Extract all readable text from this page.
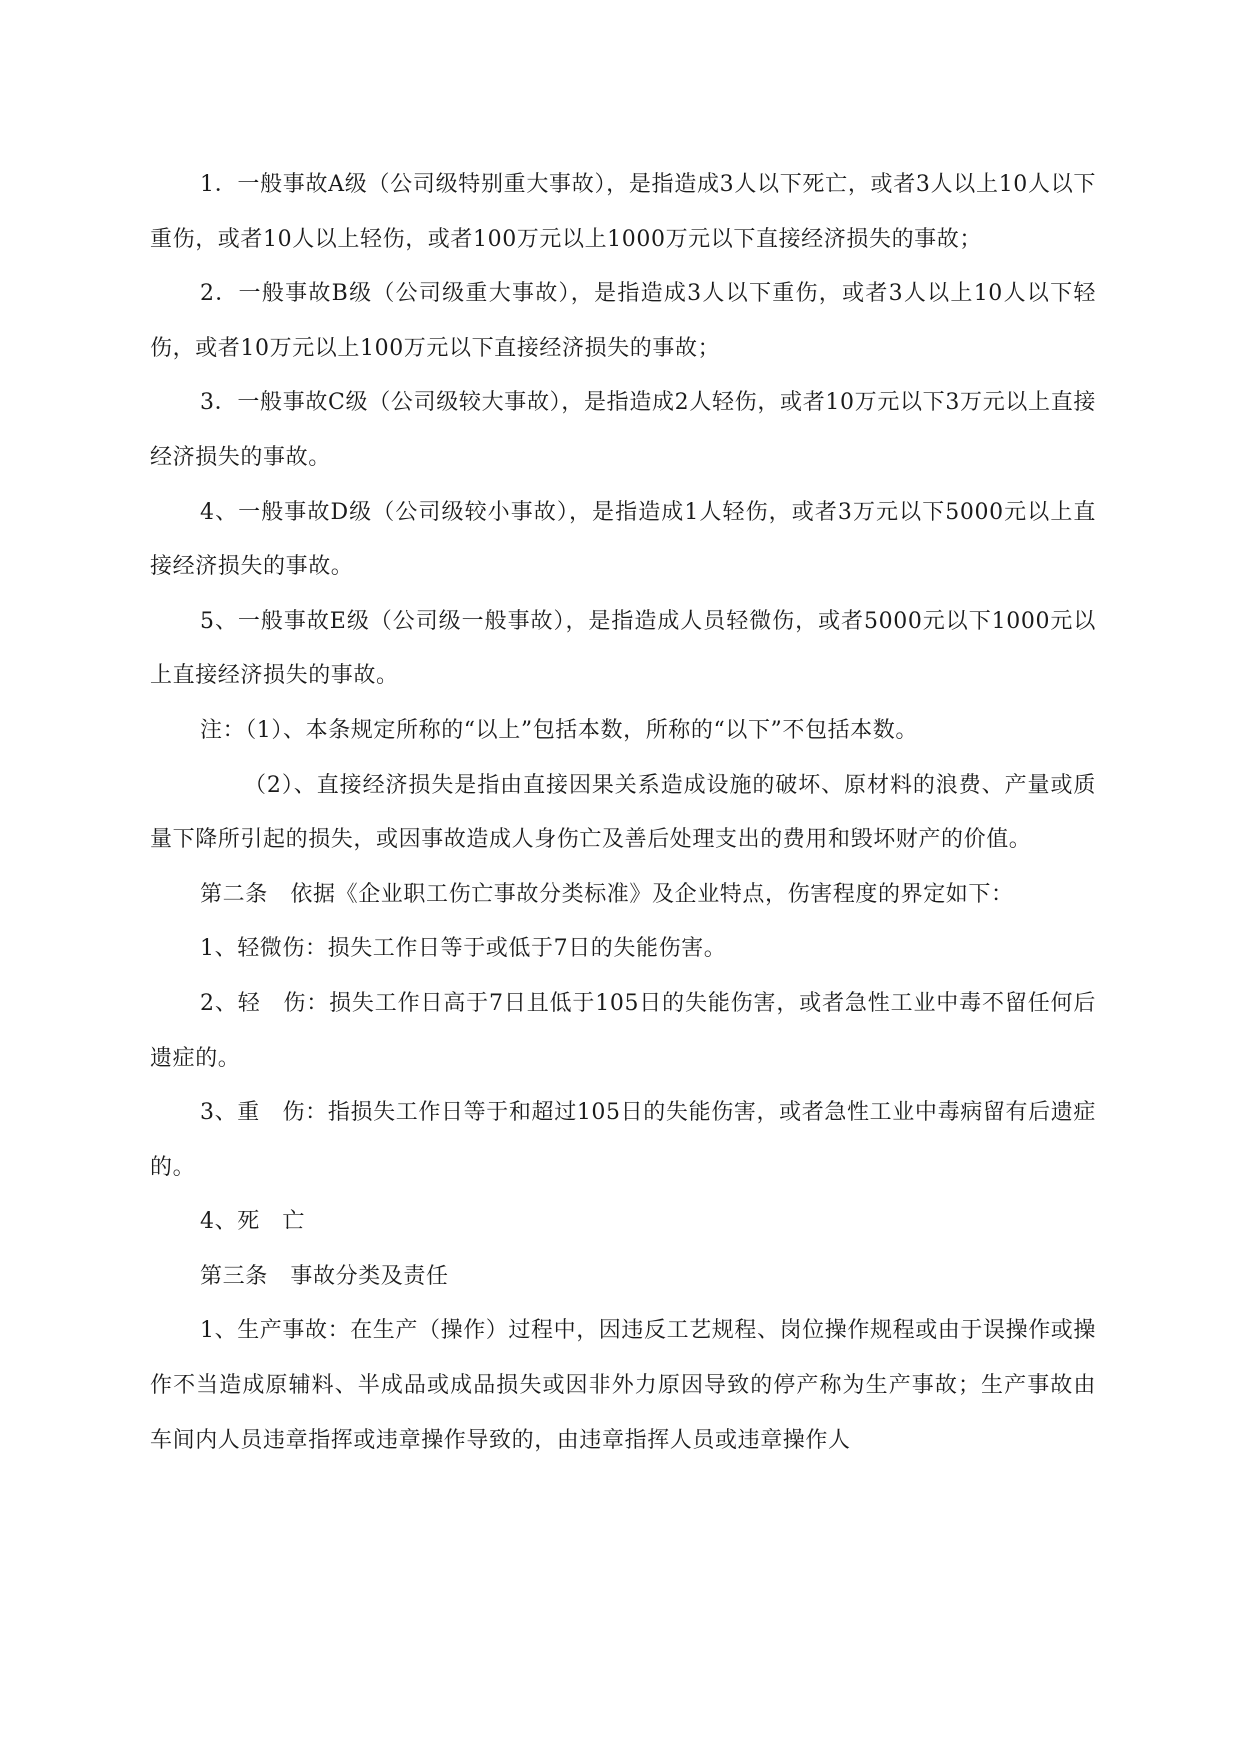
1．一般事故A级（公司级特别重大事故），是指造成3人以下死亡，或者3人以上10人以下重伤，或者10人以上轻伤，或者100万元以上1000万元以下直接经济损失的事故；

2．一般事故B级（公司级重大事故），是指造成3人以下重伤，或者3人以上10人以下轻伤，或者10万元以上100万元以下直接经济损失的事故；

3．一般事故C级（公司级较大事故），是指造成2人轻伤，或者10万元以下3万元以上直接经济损失的事故。

4、一般事故D级（公司级较小事故），是指造成1人轻伤，或者3万元以下5000元以上直接经济损失的事故。

5、一般事故E级（公司级一般事故），是指造成人员轻微伤，或者5000元以下1000元以上直接经济损失的事故。

注：（1）、本条规定所称的“以上”包括本数，所称的“以下”不包括本数。

（2）、直接经济损失是指由直接因果关系造成设施的破坏、原材料的浪费、产量或质量下降所引起的损失，或因事故造成人身伤亡及善后处理支出的费用和毁坏财产的价值。

第二条　依据《企业职工伤亡事故分类标准》及企业特点，伤害程度的界定如下：

1、轻微伤：损失工作日等于或低于7日的失能伤害。

2、轻　伤：损失工作日高于7日且低于105日的失能伤害，或者急性工业中毒不留任何后遗症的。

3、重　伤：指损失工作日等于和超过105日的失能伤害，或者急性工业中毒病留有后遗症的。

4、死　亡

第三条　事故分类及责任

1、生产事故：在生产（操作）过程中，因违反工艺规程、岗位操作规程或由于误操作或操作不当造成原辅料、半成品或成品损失或因非外力原因导致的停产称为生产事故；生产事故由车间内人员违章指挥或违章操作导致的，由违章指挥人员或违章操作人
